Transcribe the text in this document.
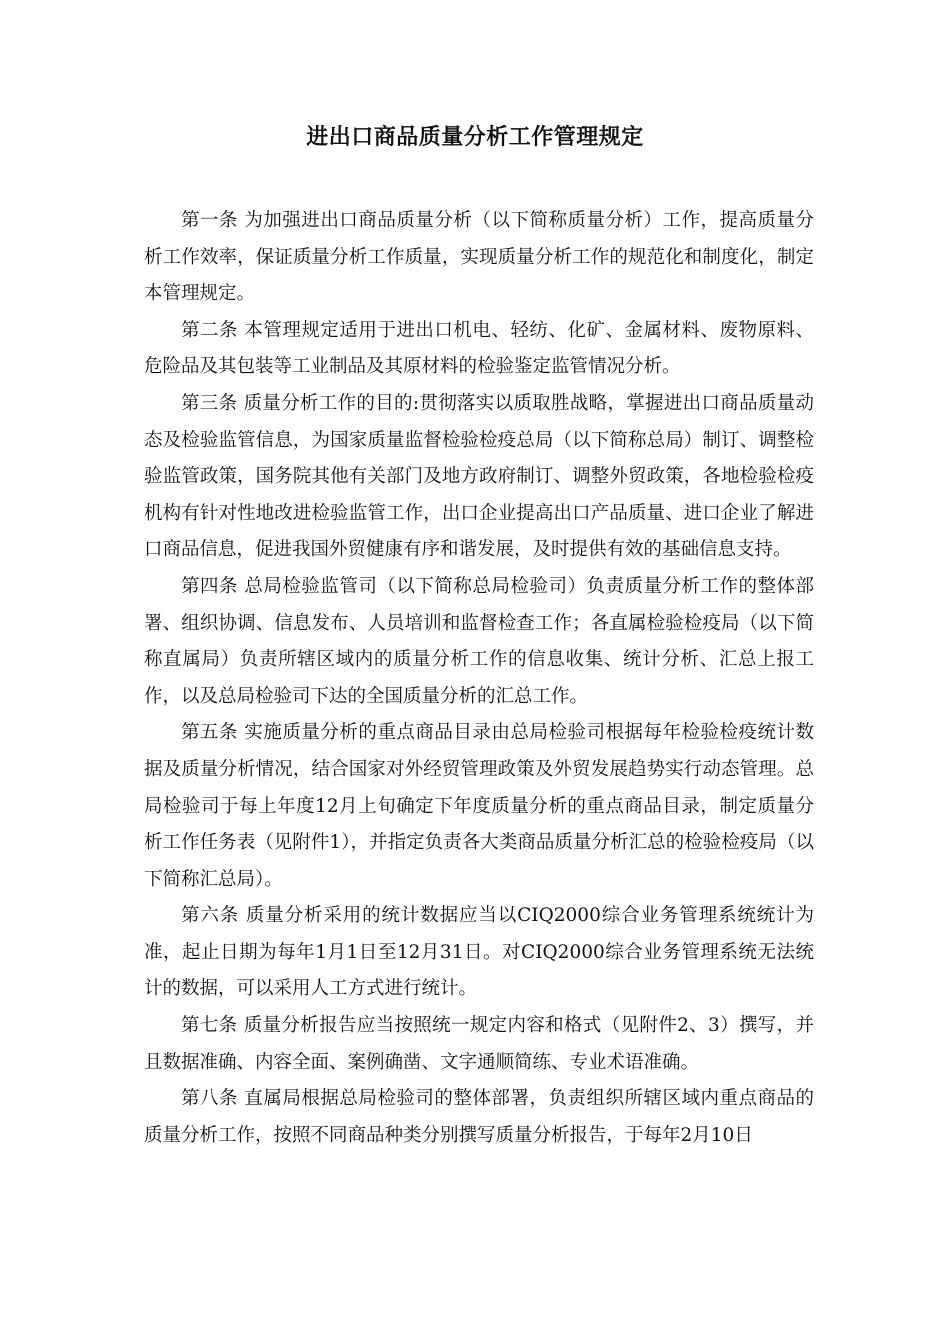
进出口商品质量分析工作管理规定

第一条 为加强进出口商品质量分析（以下简称质量分析）工作，提高质量分析工作效率，保证质量分析工作质量，实现质量分析工作的规范化和制度化，制定本管理规定。

第二条 本管理规定适用于进出口机电、轻纺、化矿、金属材料、废物原料、危险品及其包装等工业制品及其原材料的检验鉴定监管情况分析。

第三条 质量分析工作的目的:贯彻落实以质取胜战略，掌握进出口商品质量动态及检验监管信息，为国家质量监督检验检疫总局（以下简称总局）制订、调整检验监管政策，国务院其他有关部门及地方政府制订、调整外贸政策，各地检验检疫机构有针对性地改进检验监管工作，出口企业提高出口产品质量、进口企业了解进口商品信息，促进我国外贸健康有序和谐发展，及时提供有效的基础信息支持。

第四条 总局检验监管司（以下简称总局检验司）负责质量分析工作的整体部署、组织协调、信息发布、人员培训和监督检查工作；各直属检验检疫局（以下简称直属局）负责所辖区域内的质量分析工作的信息收集、统计分析、汇总上报工作，以及总局检验司下达的全国质量分析的汇总工作。

第五条 实施质量分析的重点商品目录由总局检验司根据每年检验检疫统计数据及质量分析情况，结合国家对外经贸管理政策及外贸发展趋势实行动态管理。总局检验司于每上年度12月上旬确定下年度质量分析的重点商品目录，制定质量分析工作任务表（见附件1），并指定负责各大类商品质量分析汇总的检验检疫局（以下简称汇总局）。

第六条 质量分析采用的统计数据应当以CIQ2000综合业务管理系统统计为准，起止日期为每年1月1日至12月31日。对CIQ2000综合业务管理系统无法统计的数据，可以采用人工方式进行统计。

第七条 质量分析报告应当按照统一规定内容和格式（见附件2、3）撰写，并且数据准确、内容全面、案例确凿、文字通顺简练、专业术语准确。

第八条 直属局根据总局检验司的整体部署，负责组织所辖区域内重点商品的质量分析工作，按照不同商品种类分别撰写质量分析报告，于每年2月10日
